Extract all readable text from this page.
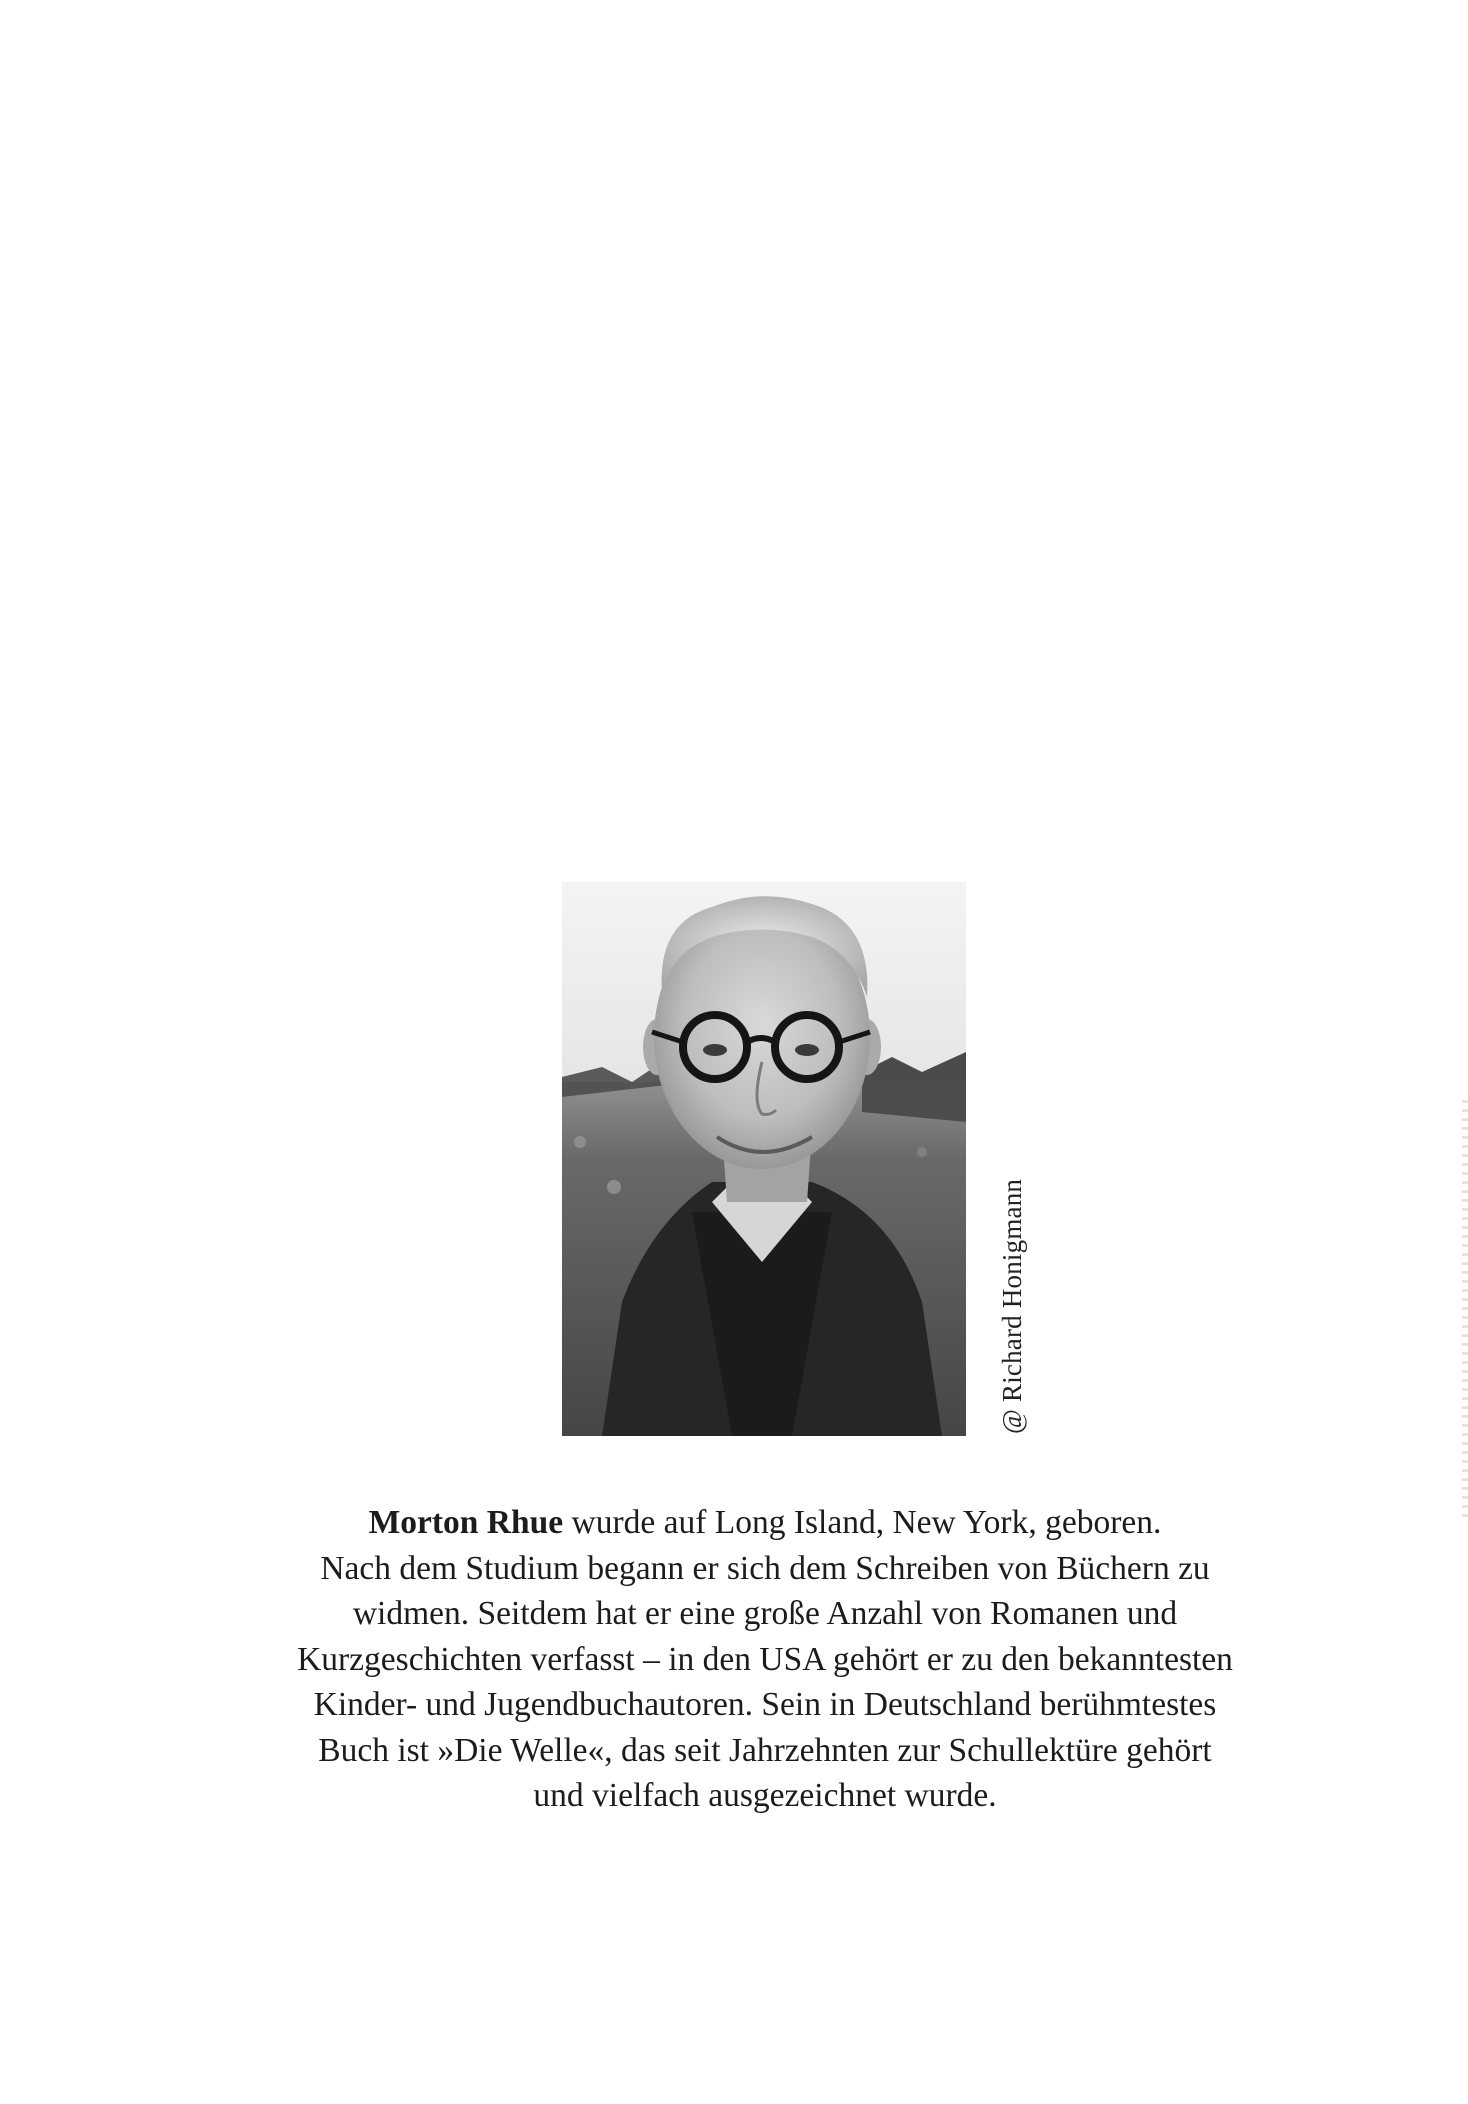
@ Richard Honigmann
Morton Rhue wurde auf Long Island, New York, geboren.
Nach dem Studium begann er sich dem Schreiben von Büchern zu
widmen. Seitdem hat er eine große Anzahl von Romanen und
Kurzgeschichten verfasst – in den USA gehört er zu den bekanntesten
Kinder- und Jugendbuchautoren. Sein in Deutschland berühmtestes
Buch ist »Die Welle«, das seit Jahrzehnten zur Schullektüre gehört
und vielfach ausgezeichnet wurde.
